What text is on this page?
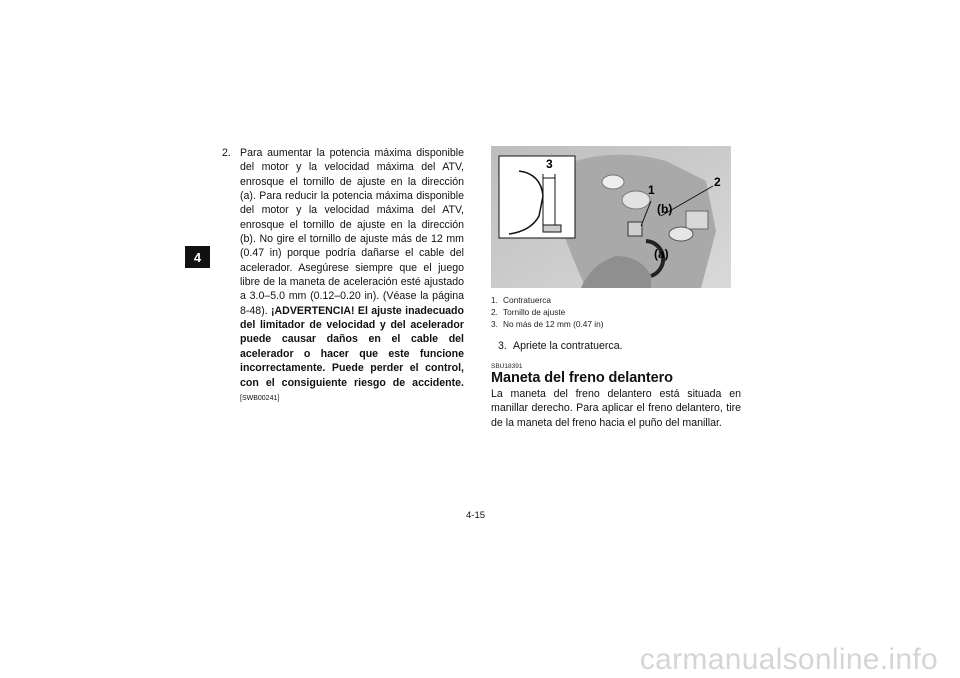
4
2. Para aumentar la potencia máxima disponible del motor y la velocidad máxima del ATV, enrosque el tornillo de ajuste en la dirección (a). Para reducir la potencia máxima disponible del motor y la velocidad máxima del ATV, enrosque el tornillo de ajuste en la dirección (b). No gire el tornillo de ajuste más de 12 mm (0.47 in) porque podría dañarse el cable del acelerador. Asegúrese siempre que el juego libre de la maneta de aceleración esté ajustado a 3.0–5.0 mm (0.12–0.20 in). (Véase la página 8-48). ¡ADVERTENCIA! El ajuste inadecuado del limitador de velocidad y del acelerador puede causar daños en el cable del acelerador o hacer que este funcione incorrectamente. Puede perder el control, con el consiguiente riesgo de accidente. [SWB00241]
3
1
2
(b)
(a)
1. Contratuerca
2. Tornillo de ajuste
3. No más de 12 mm (0.47 in)
3. Apriete la contratuerca.
SBU18391
Maneta del freno delantero
La maneta del freno delantero está situada en manillar derecho. Para aplicar el freno delantero, tire de la maneta del freno hacia el puño del manillar.
4-15
carmanualsonline.info
